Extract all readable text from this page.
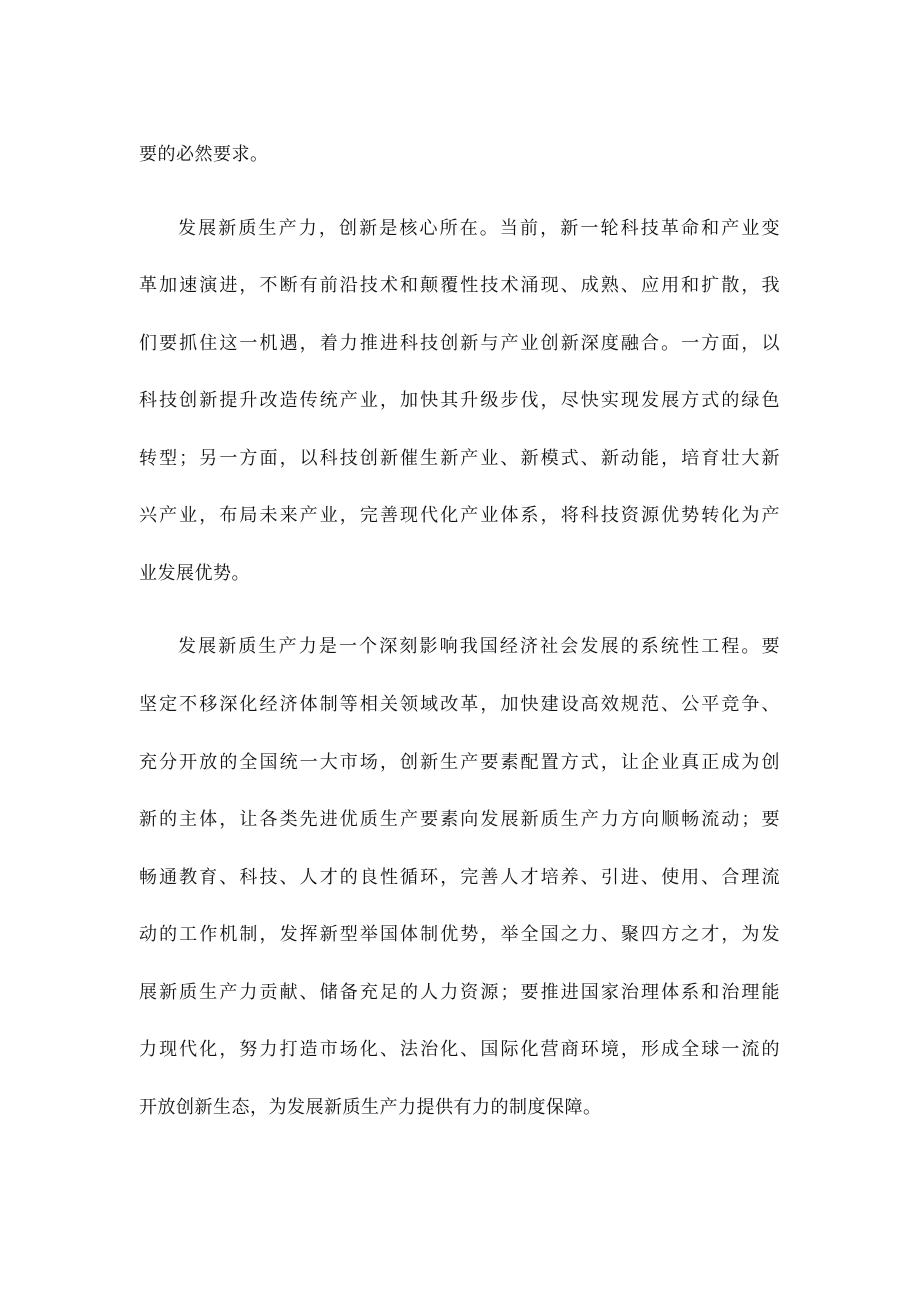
要的必然要求。
发展新质生产力，创新是核心所在。当前，新一轮科技革命和产业变
革加速演进，不断有前沿技术和颠覆性技术涌现、成熟、应用和扩散，我
们要抓住这一机遇，着力推进科技创新与产业创新深度融合。一方面，以
科技创新提升改造传统产业，加快其升级步伐，尽快实现发展方式的绿色
转型；另一方面，以科技创新催生新产业、新模式、新动能，培育壮大新
兴产业，布局未来产业，完善现代化产业体系，将科技资源优势转化为产
业发展优势。
发展新质生产力是一个深刻影响我国经济社会发展的系统性工程。要
坚定不移深化经济体制等相关领域改革，加快建设高效规范、公平竞争、
充分开放的全国统一大市场，创新生产要素配置方式，让企业真正成为创
新的主体，让各类先进优质生产要素向发展新质生产力方向顺畅流动；要
畅通教育、科技、人才的良性循环，完善人才培养、引进、使用、合理流
动的工作机制，发挥新型举国体制优势，举全国之力、聚四方之才，为发
展新质生产力贡献、储备充足的人力资源；要推进国家治理体系和治理能
力现代化，努力打造市场化、法治化、国际化营商环境，形成全球一流的
开放创新生态，为发展新质生产力提供有力的制度保障。
